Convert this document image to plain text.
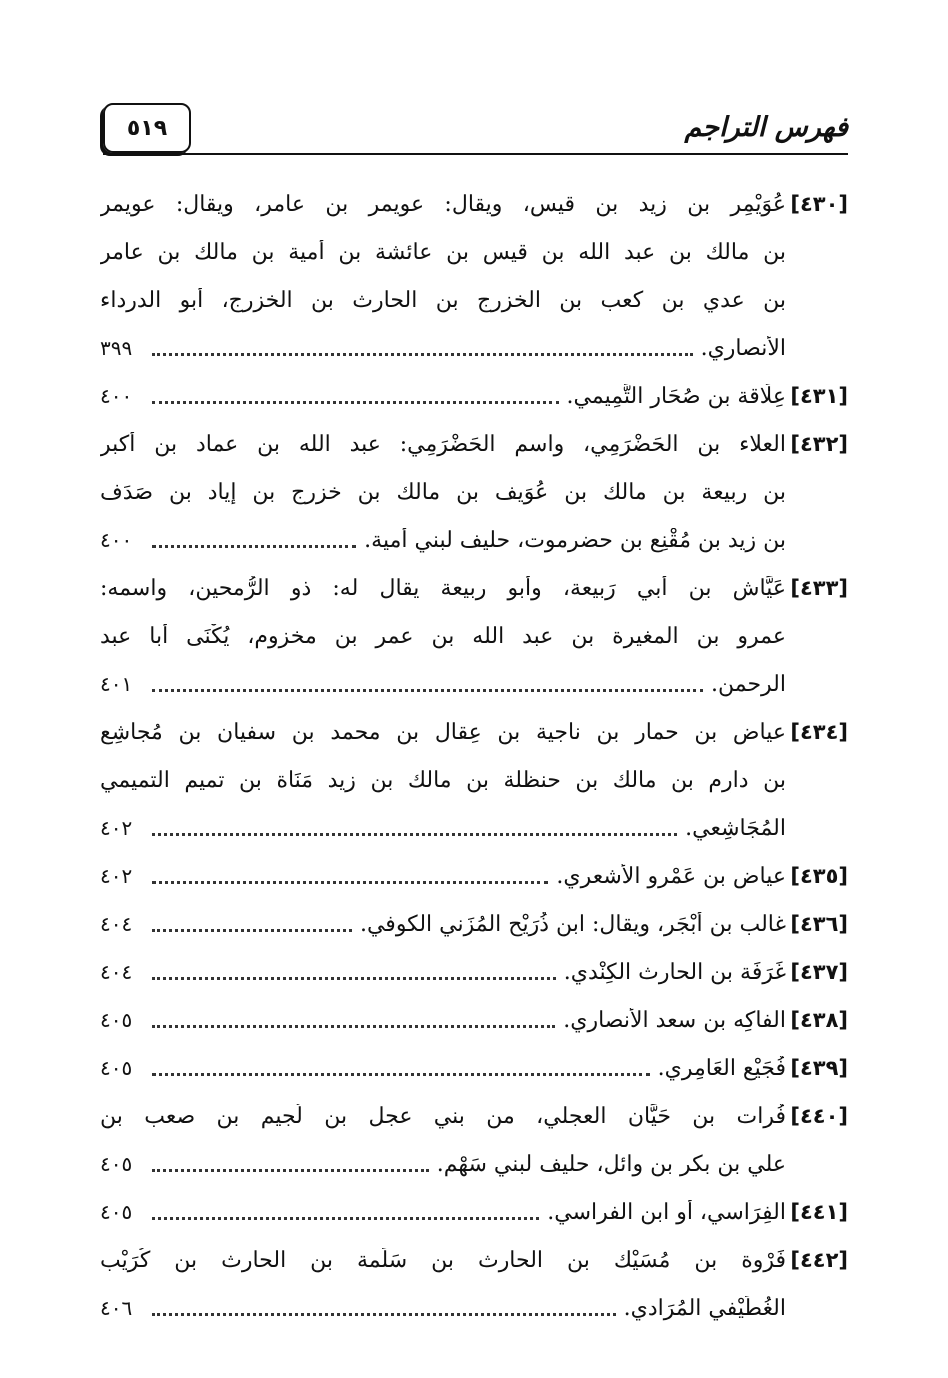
٥١٩	فهرس التراجم
[٤٣٠]
عُوَيْمِر بن زيد بن قيس، ويقال: عويمر بن عامر، ويقال: عويمر
بن مالك بن عبد الله بن قيس بن عائشة بن أمية بن مالك بن عامر
بن عدي بن كعب بن الخزرج بن الحارث بن الخزرج، أبو الدرداء
الأنصاري.
٣٩٩
[٤٣١]
عِلَاقة بن صُحَار التَّمِيمي.
٤٠٠
[٤٣٢]
العلاء بن الحَضْرَمِي، واسم الحَضْرَمِي: عبد الله بن عماد بن أكبر
بن ربيعة بن مالك بن عُوَيف بن مالك بن خزرج بن إياد بن صَدَف
بن زيد بن مُقْنِع بن حضرموت، حليف لبني أمية.
٤٠٠
[٤٣٣]
عَيَّاش بن أبي رَبيعة، وأبو ربيعة يقال له: ذو الرُّمحين، واسمه:
عمرو بن المغيرة بن عبد الله بن عمر بن مخزوم، يُكْنَى أبا عبد
الرحمن.
٤٠١
[٤٣٤]
عياض بن حمار بن ناجية بن عِقال بن محمد بن سفيان بن مُجاشِع
بن دارِم بن مالك بن حنظلة بن مالك بن زيد مَنَاة بن تميم التميمي
المُجَاشِعي.
٤٠٢
[٤٣٥]
عياض بن عَمْرو الأشعري.
٤٠٢
[٤٣٦]
غالب بن أَبْجَر، ويقال: ابن ذُرَيْح المُزَني الكوفي.
٤٠٤
[٤٣٧]
غَرَفَة بن الحارث الكِنْدي.
٤٠٤
[٤٣٨]
الفاكِه بن سعد الأنصاري.
٤٠٥
[٤٣٩]
فُجَيْع العَامِري.
٤٠٥
[٤٤٠]
فُرات بن حَيَّان العجلي، من بني عجل بن لُجيم بن صعب بن
علي بن بكر بن وائل، حليف لبني سَهْم.
٤٠٥
[٤٤١]
الفِرَاسي، أو ابن الفراسي.
٤٠٥
[٤٤٢]
فَرْوة بن مُسَيْك بن الحارث بن سَلَمة بن الحارث بن كُرَيْب
الغُطَيْفي المُرَادي.
٤٠٦
